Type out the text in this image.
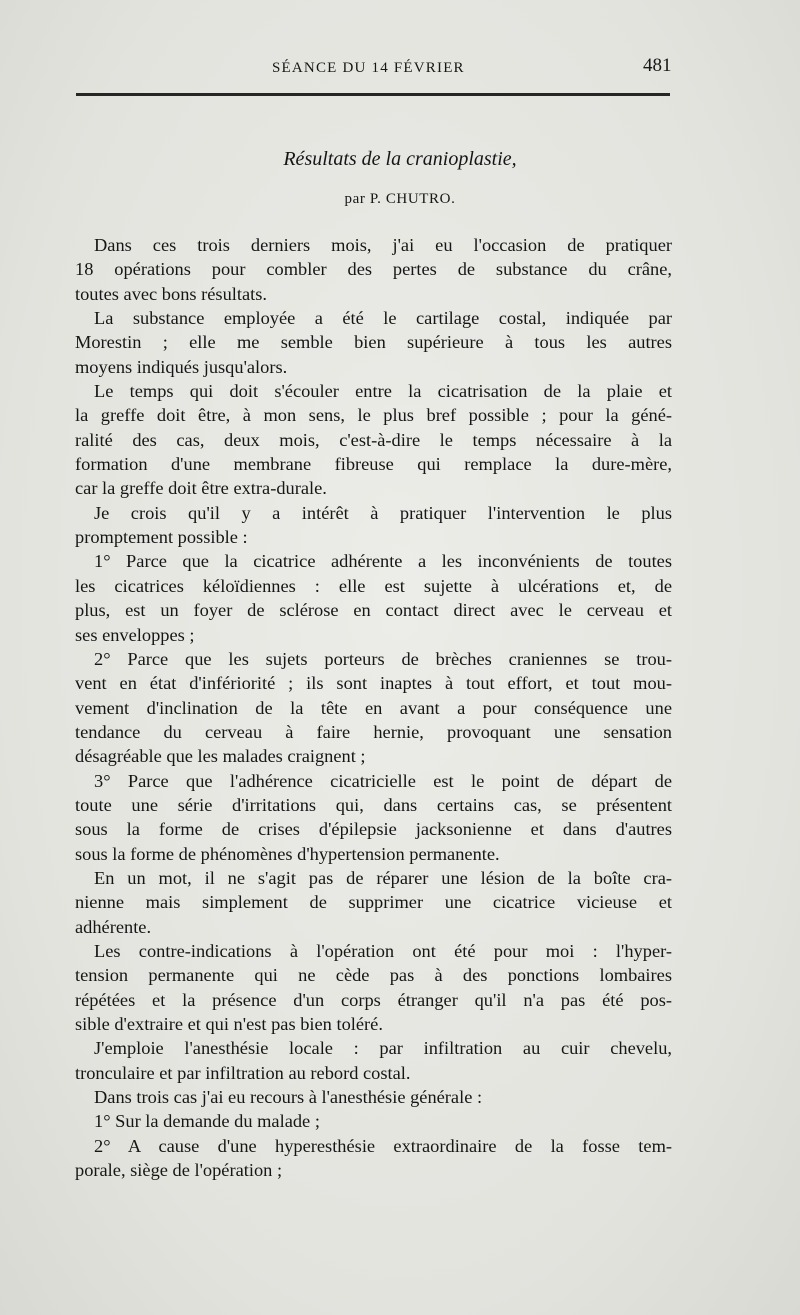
SÉANCE DU 14 FÉVRIER	481
Résultats de la cranioplastie,
par P. CHUTRO.
Dans ces trois derniers mois, j'ai eu l'occasion de pratiquer
18 opérations pour combler des pertes de substance du crâne,
toutes avec bons résultats.
La substance employée a été le cartilage costal, indiquée par
Morestin ; elle me semble bien supérieure à tous les autres
moyens indiqués jusqu'alors.
Le temps qui doit s'écouler entre la cicatrisation de la plaie et
la greffe doit être, à mon sens, le plus bref possible ; pour la géné-
ralité des cas, deux mois, c'est-à-dire le temps nécessaire à la
formation d'une membrane fibreuse qui remplace la dure-mère,
car la greffe doit être extra-durale.
Je crois qu'il y a intérêt à pratiquer l'intervention le plus
promptement possible :
1° Parce que la cicatrice adhérente a les inconvénients de toutes
les cicatrices kéloïdiennes : elle est sujette à ulcérations et, de
plus, est un foyer de sclérose en contact direct avec le cerveau et
ses enveloppes ;
2° Parce que les sujets porteurs de brèches craniennes se trou-
vent en état d'infériorité ; ils sont inaptes à tout effort, et tout mou-
vement d'inclination de la tête en avant a pour conséquence une
tendance du cerveau à faire hernie, provoquant une sensation
désagréable que les malades craignent ;
3° Parce que l'adhérence cicatricielle est le point de départ de
toute une série d'irritations qui, dans certains cas, se présentent
sous la forme de crises d'épilepsie jacksonienne et dans d'autres
sous la forme de phénomènes d'hypertension permanente.
En un mot, il ne s'agit pas de réparer une lésion de la boîte cra-
nienne mais simplement de supprimer une cicatrice vicieuse et
adhérente.
Les contre-indications à l'opération ont été pour moi : l'hyper-
tension permanente qui ne cède pas à des ponctions lombaires
répétées et la présence d'un corps étranger qu'il n'a pas été pos-
sible d'extraire et qui n'est pas bien toléré.
J'emploie l'anesthésie locale : par infiltration au cuir chevelu,
tronculaire et par infiltration au rebord costal.
Dans trois cas j'ai eu recours à l'anesthésie générale :
1° Sur la demande du malade ;
2° A cause d'une hyperesthésie extraordinaire de la fosse tem-
porale, siège de l'opération ;
